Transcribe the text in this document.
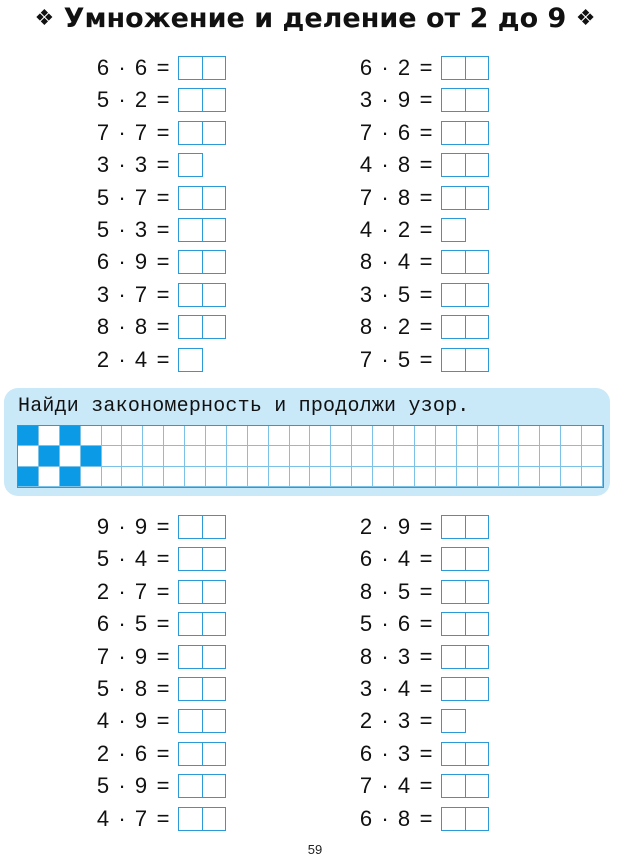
❖ Умножение и деление от 2 до 9 ❖
6 · 6 =
5 · 2 =
7 · 7 =
3 · 3 =
5 · 7 =
5 · 3 =
6 · 9 =
3 · 7 =
8 · 8 =
2 · 4 =
6 · 2 =
3 · 9 =
7 · 6 =
4 · 8 =
7 · 8 =
4 · 2 =
8 · 4 =
3 · 5 =
8 · 2 =
7 · 5 =
Найди закономерность и продолжи узор.
9 · 9 =
5 · 4 =
2 · 7 =
6 · 5 =
7 · 9 =
5 · 8 =
4 · 9 =
2 · 6 =
5 · 9 =
4 · 7 =
2 · 9 =
6 · 4 =
8 · 5 =
5 · 6 =
8 · 3 =
3 · 4 =
2 · 3 =
6 · 3 =
7 · 4 =
6 · 8 =
59
